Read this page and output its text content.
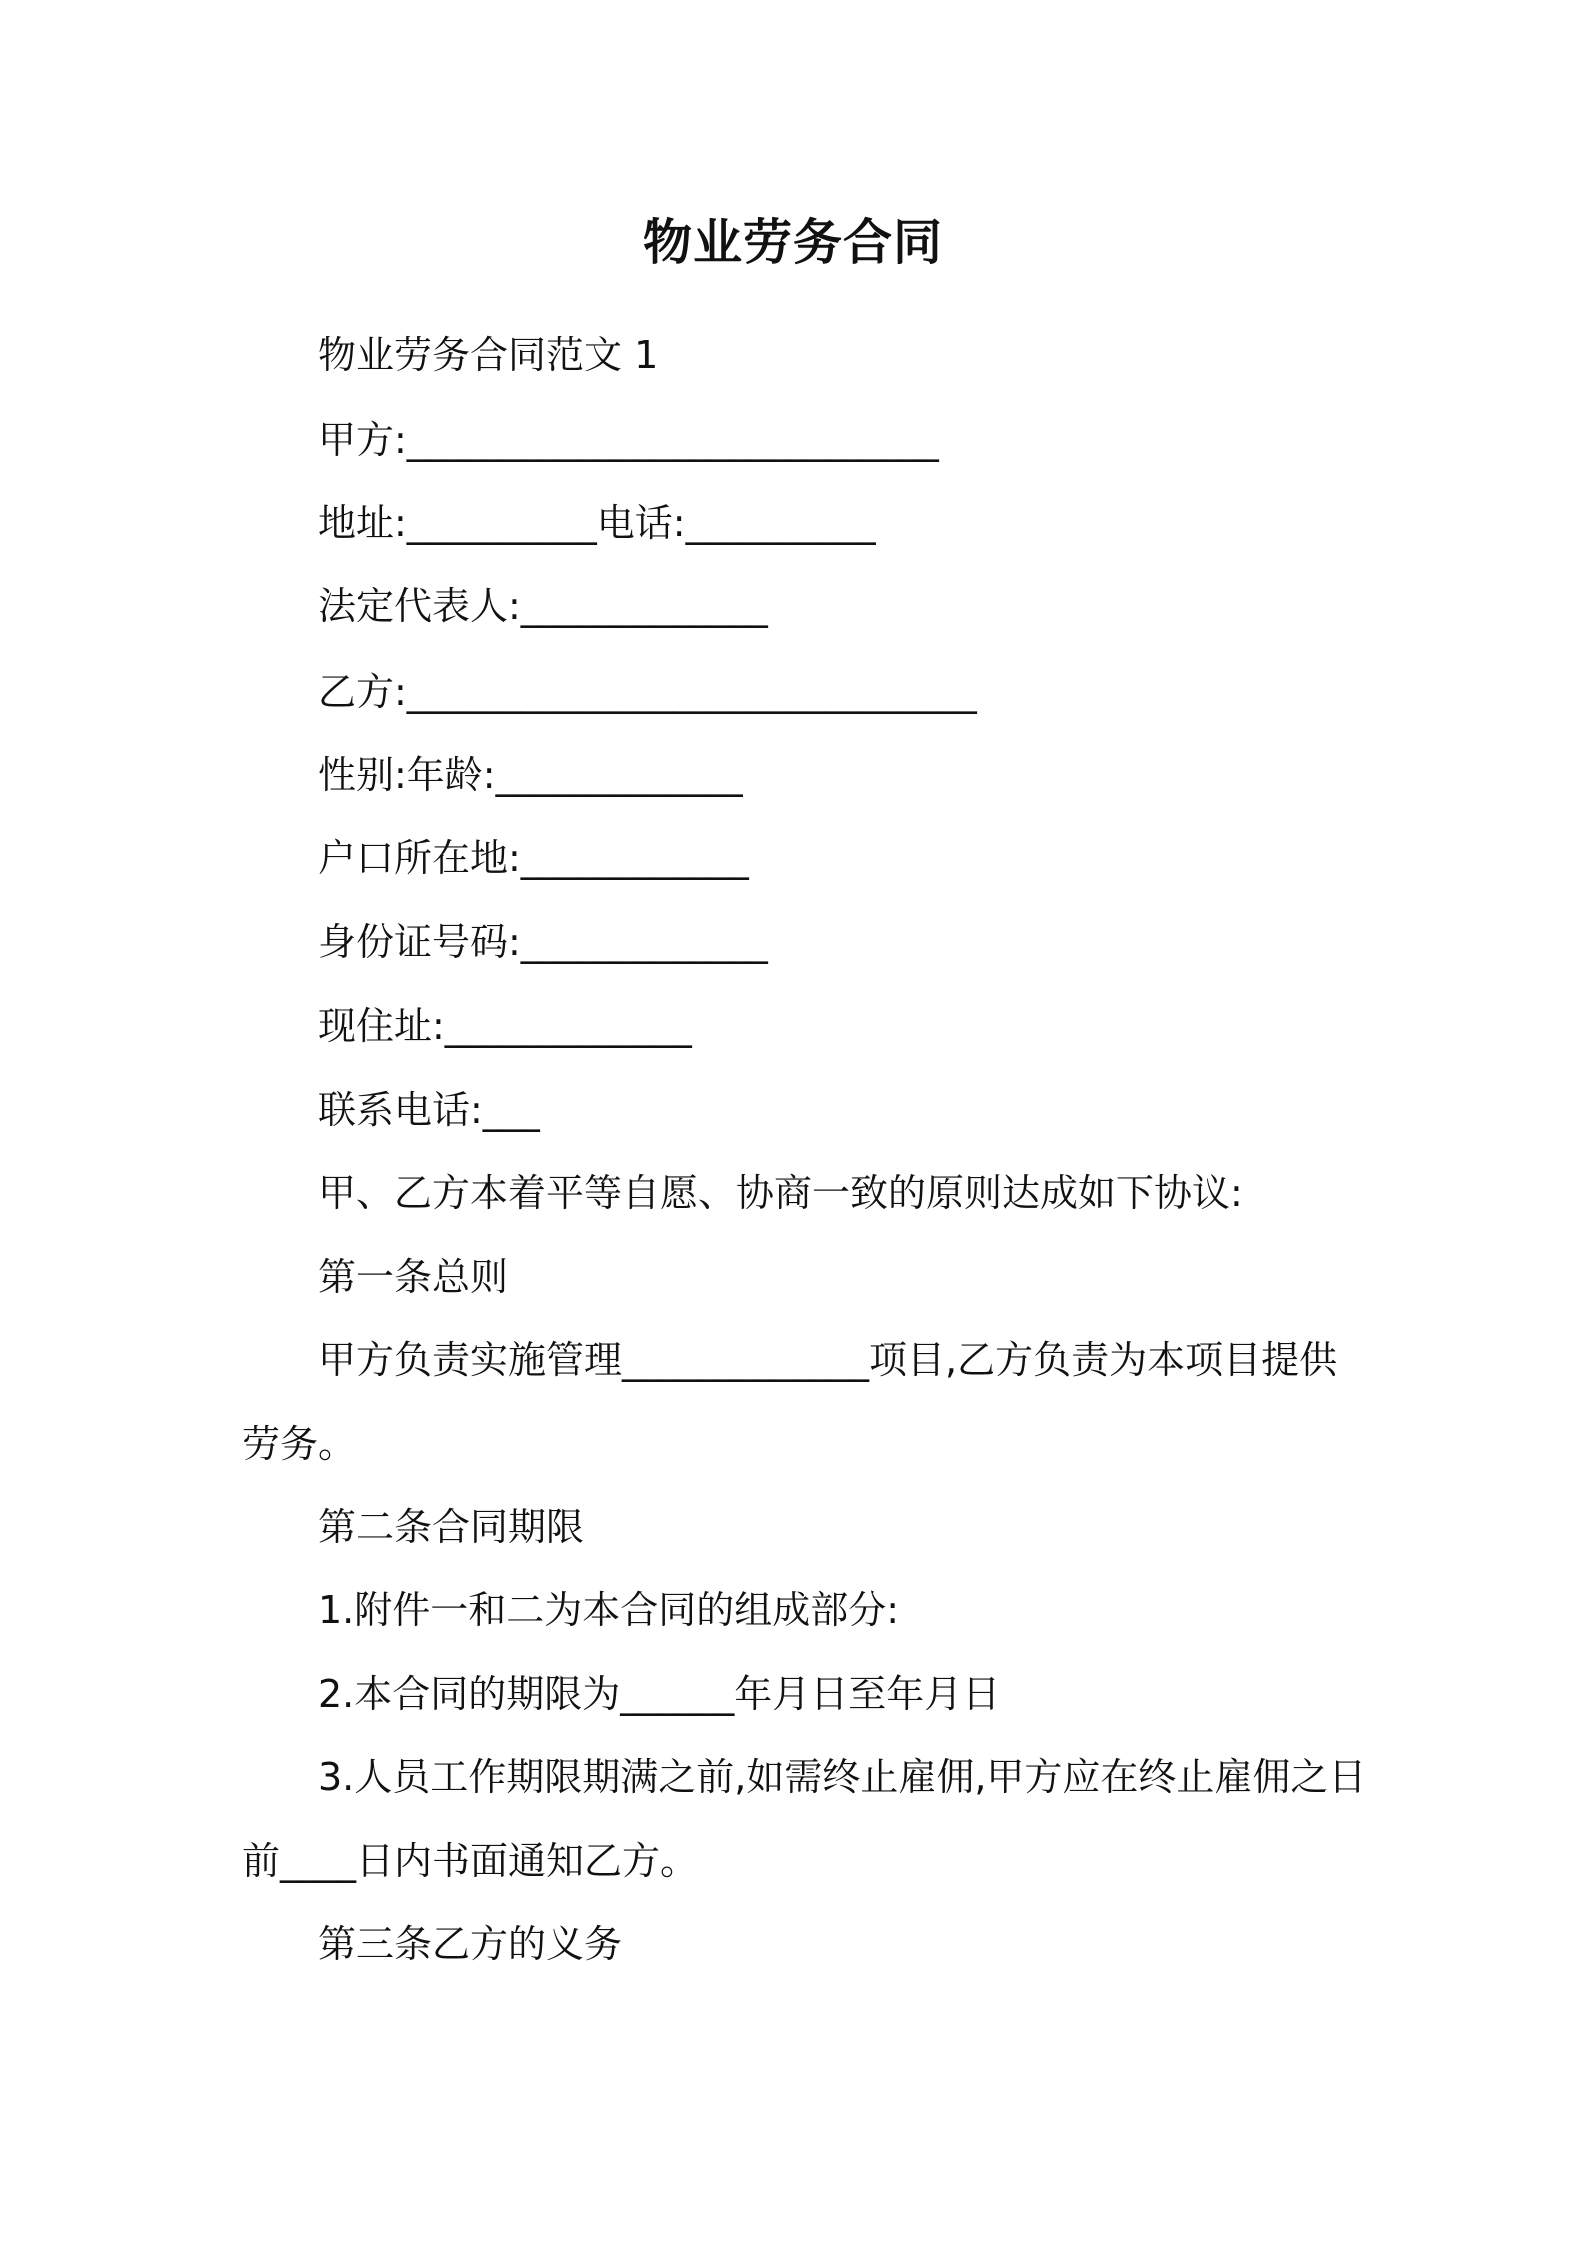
物业劳务合同
物业劳务合同范文 1
甲方:____________________________
地址:__________电话:__________
法定代表人:_____________
乙方:______________________________
性别:年龄:_____________
户口所在地:____________
身份证号码:_____________
现住址:_____________
联系电话:___
甲、乙方本着平等自愿、协商一致的原则达成如下协议:
第一条总则
甲方负责实施管理_____________项目,乙方负责为本项目提供
劳务。
第二条合同期限
1.附件一和二为本合同的组成部分:
2.本合同的期限为______年月日至年月日
3.人员工作期限期满之前,如需终止雇佣,甲方应在终止雇佣之日
前____日内书面通知乙方。
第三条乙方的义务
